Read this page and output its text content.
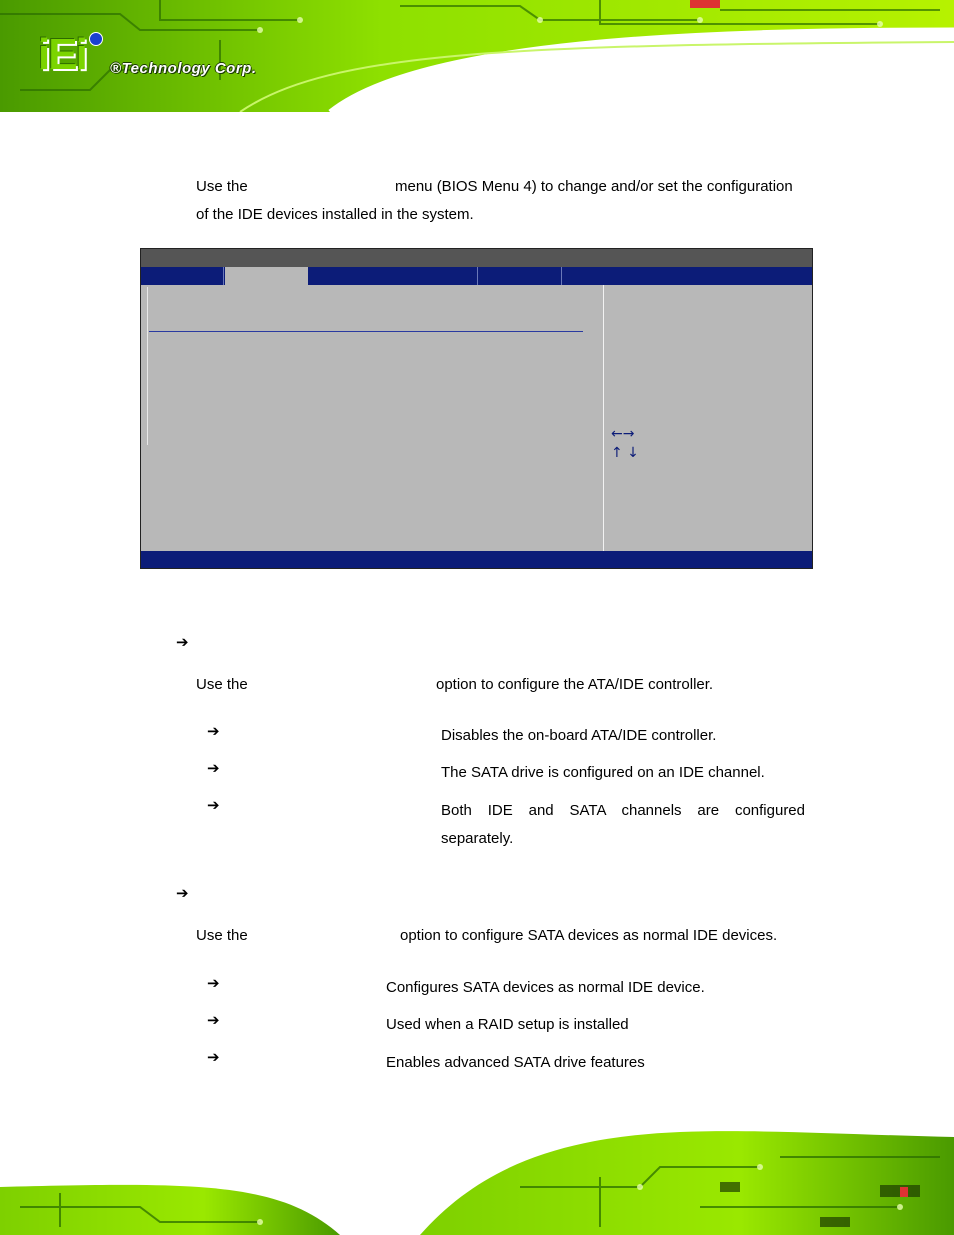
iEi ®Technology Corp.
Use the	menu (BIOS Menu 4) to change and/or set the configuration
of the IDE devices installed in the system.
←→
↑ ↓
➔
Use the	option to configure the ATA/IDE controller.
➔	Disables the on-board ATA/IDE controller.
➔	The SATA drive is configured on an IDE channel.
➔	Both IDE and SATA channels are configured
separately.
➔
Use the	option to configure SATA devices as normal IDE devices.
➔	Configures SATA devices as normal IDE device.
➔	Used when a RAID setup is installed
➔	Enables advanced SATA drive features
